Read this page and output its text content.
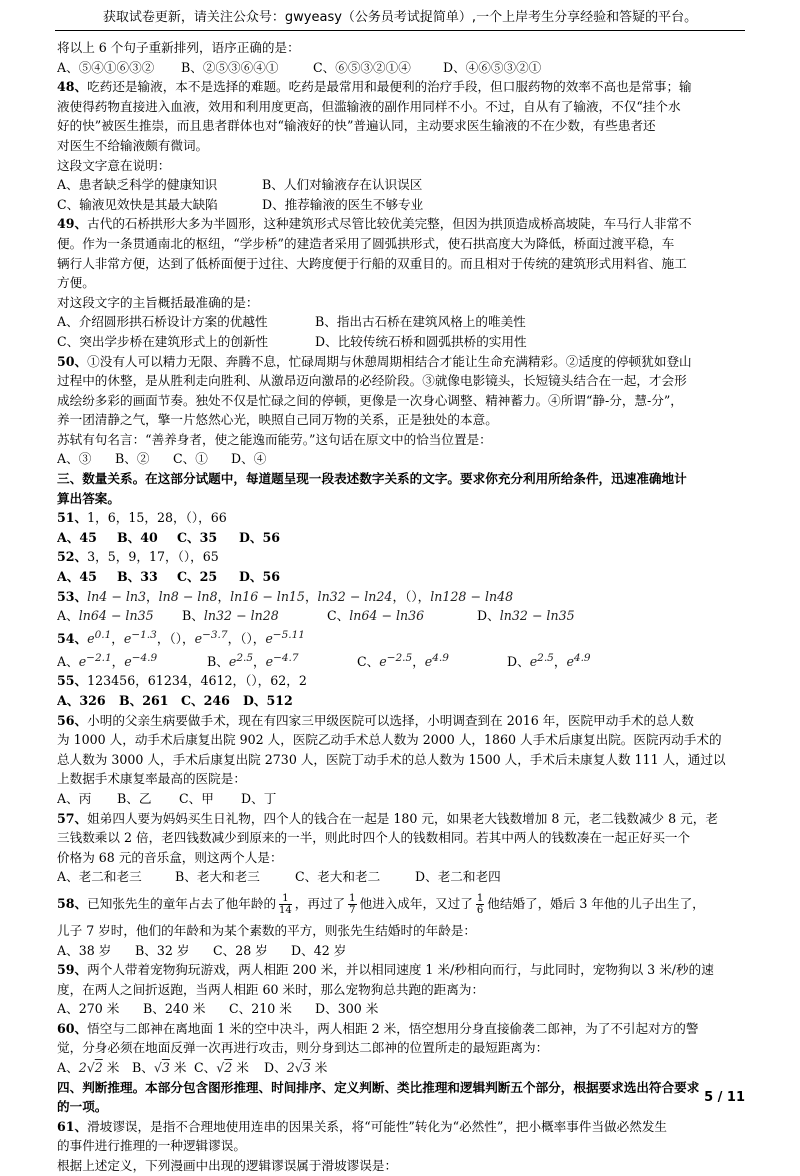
获取试卷更新，请关注公众号：gwyeasy（公务员考试捉简单）,一个上岸考生分享经验和答疑的平台。
将以上 6 个句子重新排列，语序正确的是：
A、⑤④①⑥③② B、②⑤③⑥④①	C、⑥⑤③②①④	D、④⑥⑤③②①
48、吃药还是输液，本不是选择的难题。吃药是最常用和最便利的治疗手段，但口服药物的效率不高也是常事；输
液使得药物直接进入血液，效用和利用度更高，但滥输液的副作用同样不小。不过，自从有了输液，不仅“挂个水
好的快”被医生推崇，而且患者群体也对“输液好的快”普遍认同，主动要求医生输液的不在少数，有些患者还
对医生不给输液颇有微词。
这段文字意在说明：
A、患者缺乏科学的健康知识	B、人们对输液存在认识误区
C、输液见效快是其最大缺陷	D、推荐输液的医生不够专业
49、古代的石桥拱形大多为半圆形，这种建筑形式尽管比较优美完整，但因为拱顶造成桥高坡陡，车马行人非常不
便。作为一条贯通南北的枢纽，“学步桥”的建造者采用了圆弧拱形式，使石拱高度大为降低，桥面过渡平稳，车
辆行人非常方便，达到了低桥面便于过往、大跨度便于行船的双重目的。而且相对于传统的建筑形式用料省、施工
方便。
对这段文字的主旨概括最准确的是：
A、介绍圆形拱石桥设计方案的优越性	B、指出古石桥在建筑风格上的唯美性
C、突出学步桥在建筑形式上的创新性	D、比较传统石桥和圆弧拱桥的实用性
50、①没有人可以精力无限、奔腾不息，忙碌周期与休憩周期相结合才能让生命充满精彩。②适度的停顿犹如登山
过程中的休整，是从胜利走向胜利、从激昂迈向激昂的必经阶段。③就像电影镜头，长短镜头结合在一起，才会形
成绘纷多彩的画面节奏。独处不仅是忙碌之间的停顿，更像是一次身心调整、精神蓄力。④所谓“静-分，慧-分”，
养一团清静之气，擎一片悠然心光，映照自己同万物的关系，正是独处的本意。
苏轼有句名言：“善养身者，使之能逸而能劳。”这句话在原文中的恰当位置是：
A、③ B、② C、① D、④
三、数量关系。在这部分试题中，每道题呈现一段表述数字关系的文字。要求你充分利用所给条件，迅速准确地计
算出答案。
51、1，6，15，28，（），66
A、45 B、40 C、35 D、56
52、3，5，9，17，（），65
A、45 B、33 C、25 D、56
53、ln4 − ln3，ln8 − ln8，ln16 − ln15，ln32 − ln24，（），ln128 − ln48
A、ln64 − ln35 B、ln32 − ln28	C、ln64 − ln36	D、ln32 − ln35
54、$e^{0.1}$，$e^{-1.3}$，（），$e^{-3.7}$，（），$e^{-5.11}$
A、$e^{-2.1}$，$e^{-4.9}$	B、$e^{2.5}$，$e^{-4.7}$	C、$e^{-2.5}$，$e^{4.9}$	D、$e^{2.5}$，$e^{4.9}$
55、123456，61234，4612，（），62，2
A、326 B、261 C、246 D、512
56、小明的父亲生病要做手术，现在有四家三甲级医院可以选择，小明调查到在 2016 年，医院甲动手术的总人数
为 1000 人，动手术后康复出院 902 人，医院乙动手术总人数为 2000 人，1860 人手术后康复出院。医院丙动手术的
总人数为 3000 人，手术后康复出院 2730 人，医院丁动手术的总人数为 1500 人，手术后未康复人数 111 人，通过以
上数据手术康复率最高的医院是：
A、丙 B、乙 C、甲 D、丁
57、姐弟四人要为妈妈买生日礼物，四个人的钱合在一起是 180 元，如果老大钱数增加 8 元，老二钱数减少 8 元，老
三钱数乘以 2 倍，老四钱数减少到原来的一半，则此时四个人的钱数相同。若其中两人的钱数凑在一起正好买一个
价格为 68 元的音乐盒，则这两个人是：
A、老二和老三	B、老大和老三	C、老大和老二	D、老二和老四
58、已知张先生的童年占去了他年龄的 $\frac{1}{14}$ ，再过了 $\frac{1}{7}$ 他进入成年，又过了 $\frac{1}{6}$ 他结婚了，婚后 3 年他的儿子出生了，
儿子 7 岁时，他们的年龄和为某个素数的平方，则张先生结婚时的年龄是：
A、38 岁 B、32 岁 C、28 岁 D、42 岁
59、两个人带着宠物狗玩游戏，两人相距 200 米，并以相同速度 1 米/秒相向而行，与此同时，宠物狗以 3 米/秒的速
度，在两人之间折返跑，当两人相距 60 米时，那么宠物狗总共跑的距离为：
A、270 米 B、240 米 C、210 米 D、300 米
60、悟空与二郎神在离地面 1 米的空中决斗，两人相距 2 米，悟空想用分身直接偷袭二郎神，为了不引起对方的警
觉，分身必须在地面反弹一次再进行攻击，则分身到达二郎神的位置所走的最短距离为：
A、2√2 米 B、√3 米 C、√2 米 D、2√3 米
四、判断推理。本部分包含图形推理、时间排序、定义判断、类比推理和逻辑判断五个部分，根据要求选出符合要求
的一项。
61、滑坡谬误，是指不合理地使用连串的因果关系，将“可能性”转化为“必然性”，把小概率事件当做必然发生
的事件进行推理的一种逻辑谬误。
根据上述定义，下列漫画中出现的逻辑谬误属于滑坡谬误是：
5 / 11
